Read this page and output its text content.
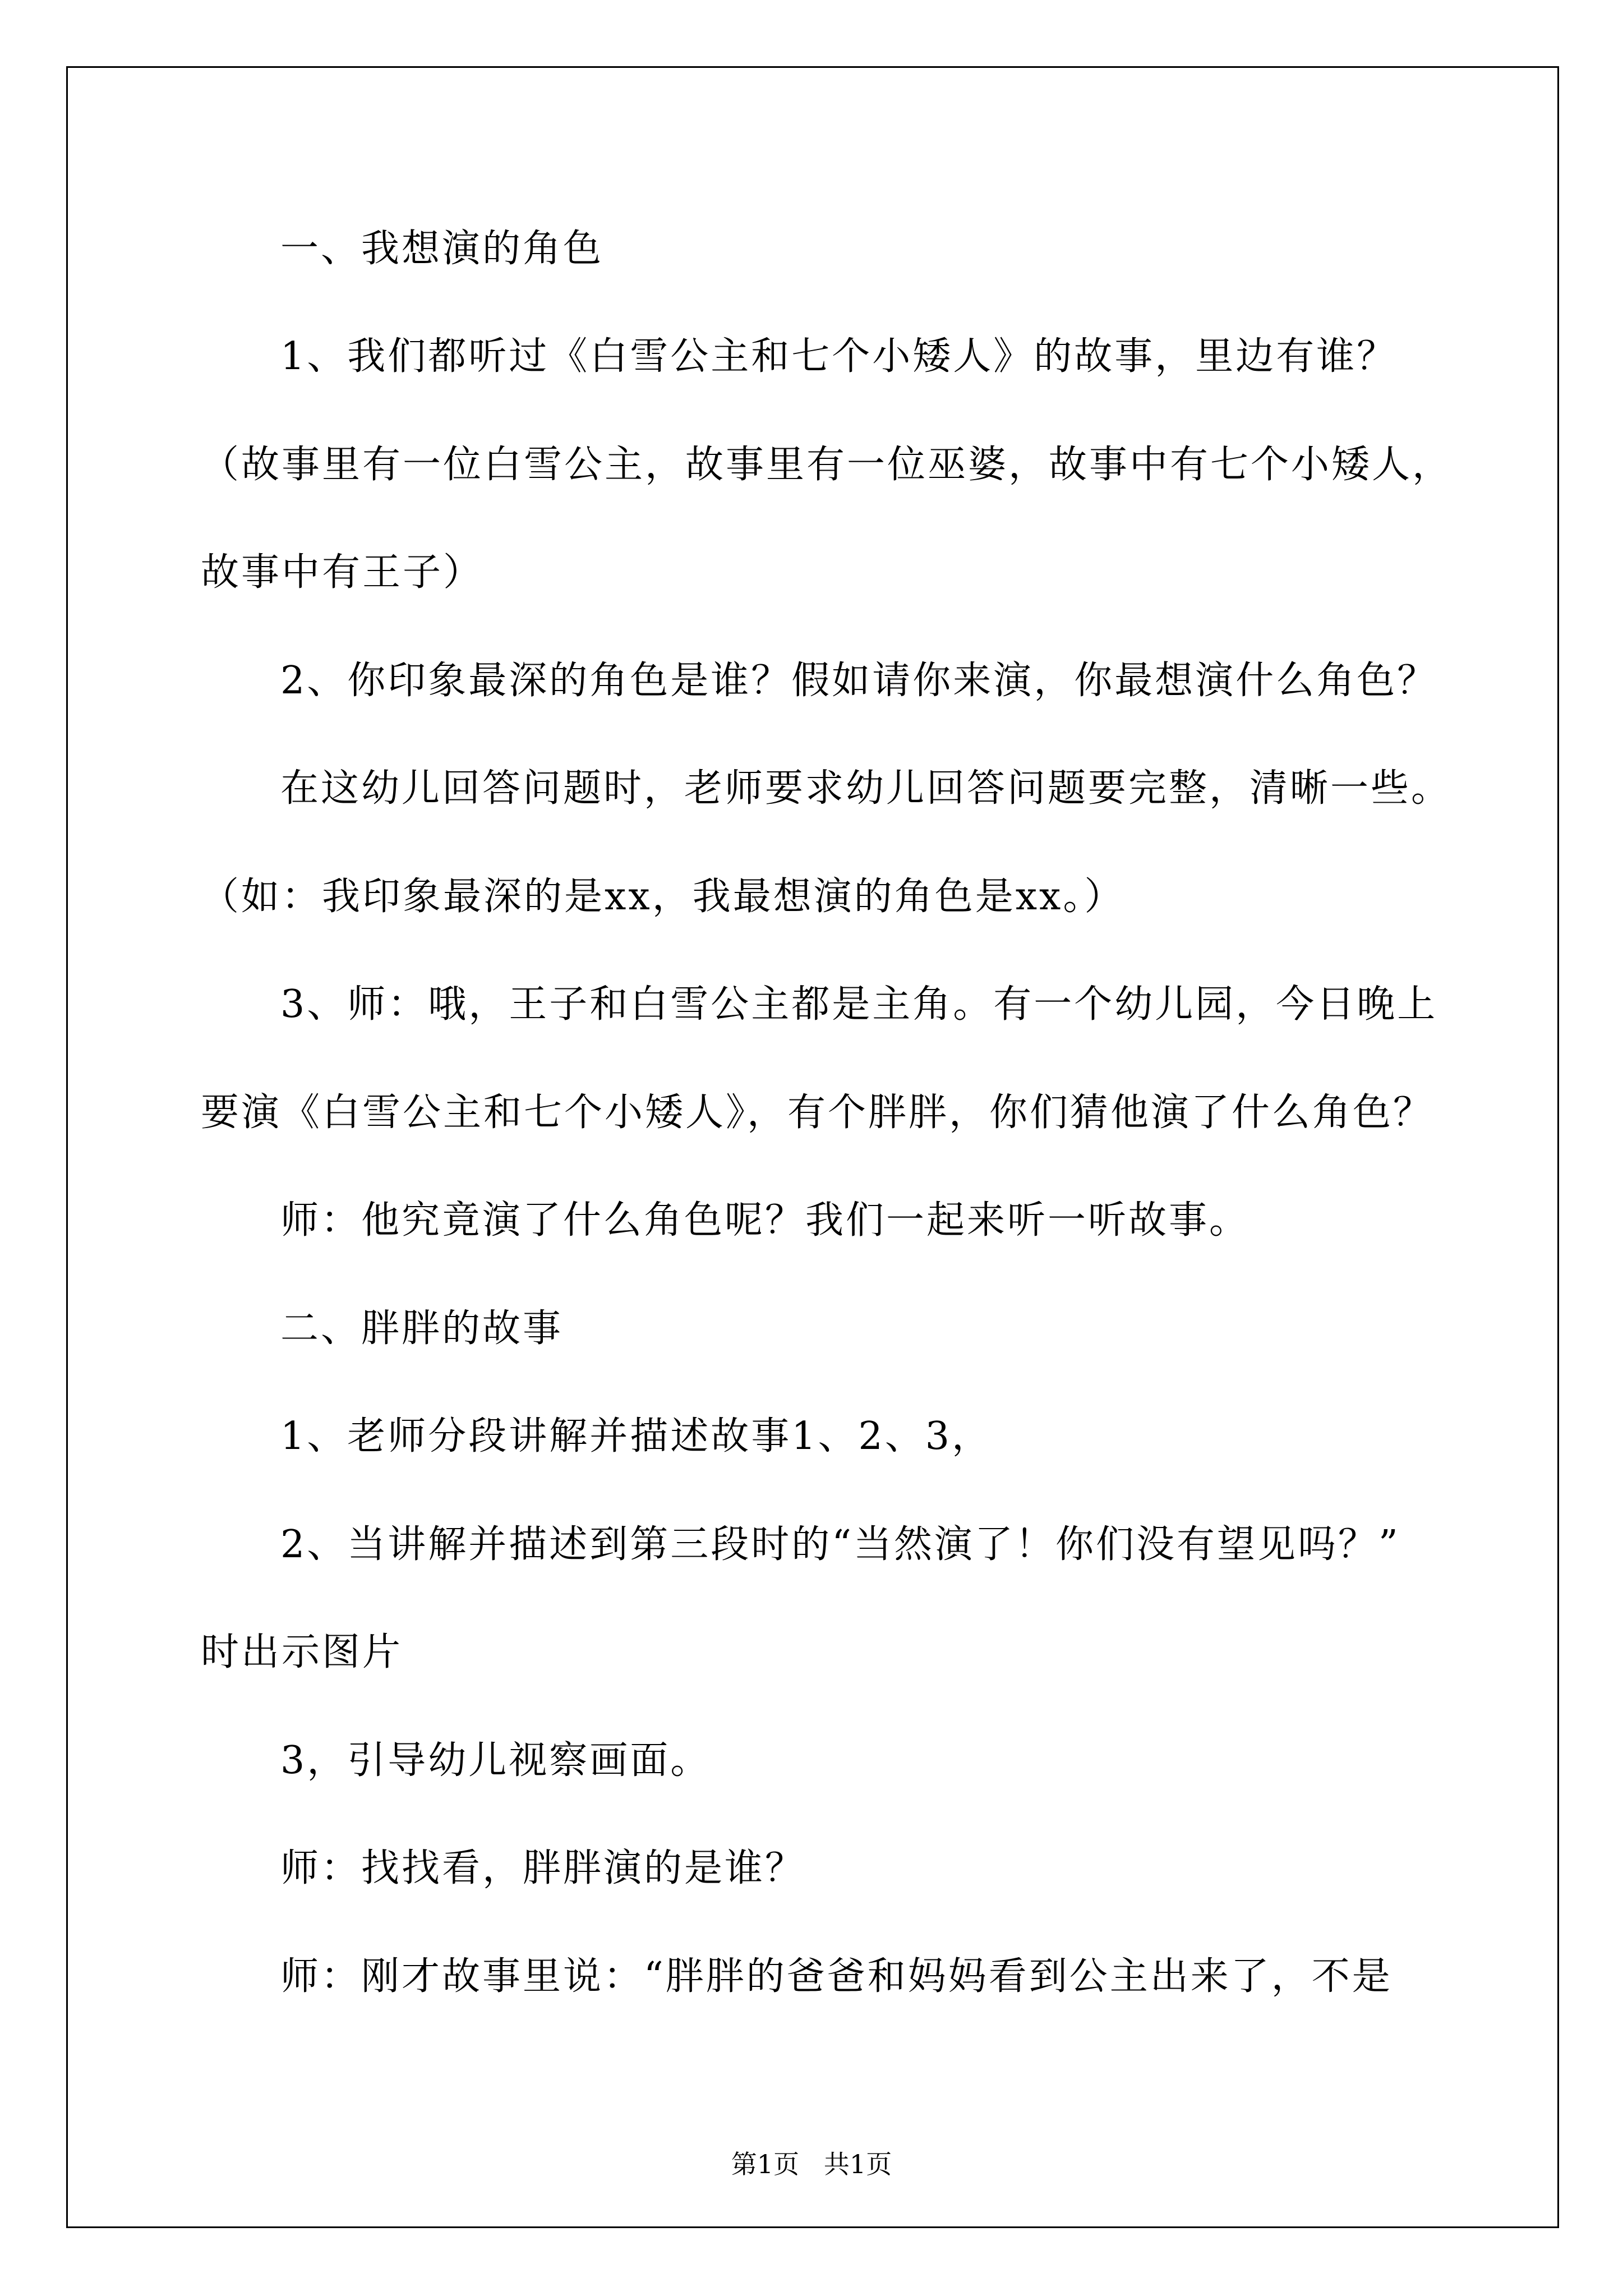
一、我想演的角色

1、我们都听过《白雪公主和七个小矮人》的故事，里边有谁？

（故事里有一位白雪公主，故事里有一位巫婆，故事中有七个小矮人，

故事中有王子）

2、你印象最深的角色是谁？假如请你来演，你最想演什么角色？

在这幼儿回答问题时，老师要求幼儿回答问题要完整，清晰一些。

（如：我印象最深的是xx，我最想演的角色是xx。）

3、师：哦，王子和白雪公主都是主角。有一个幼儿园，今日晚上

要演《白雪公主和七个小矮人》，有个胖胖，你们猜他演了什么角色？

师：他究竟演了什么角色呢？我们一起来听一听故事。

二、胖胖的故事

1、老师分段讲解并描述故事1、2、3，

2、当讲解并描述到第三段时的“当然演了！你们没有望见吗？”

时出示图片

3，引导幼儿视察画面。

师：找找看，胖胖演的是谁？

师：刚才故事里说：“胖胖的爸爸和妈妈看到公主出来了，不是

第1页   共1页
